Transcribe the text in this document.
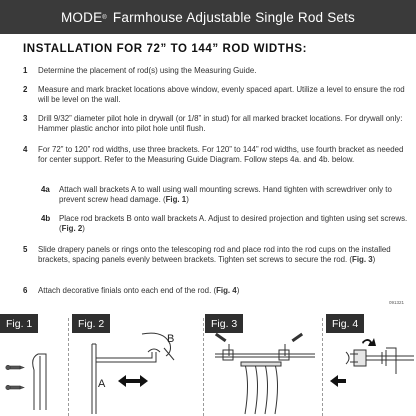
MODE® Farmhouse Adjustable Single Rod Sets
INSTALLATION FOR 72” TO 144” ROD WIDTHS:
1 Determine the placement of rod(s) using the Measuring Guide.
2 Measure and mark bracket locations above window, evenly spaced apart. Utilize a level to ensure the rod will be level on the wall.
3 Drill 9/32” diameter pilot hole in drywall (or 1/8” in stud) for all marked bracket locations. For drywall only: Hammer plastic anchor into pilot hole until flush.
4 For 72” to 120” rod widths, use three brackets. For 120” to 144” rod widths, use fourth bracket as needed for center support. Refer to the Measuring Guide Diagram. Follow steps 4a. and 4b. below.
4a Attach wall brackets A to wall using wall mounting screws. Hand tighten with screwdriver only to prevent screw head damage. (Fig. 1)
4b Place rod brackets B onto wall brackets A. Adjust to desired projection and tighten using set screws. (Fig. 2)
5 Slide drapery panels or rings onto the telescoping rod and place rod into the rod cups on the installed brackets, spacing panels evenly between brackets. Tighten set screws to secure the rod. (Fig. 3)
6 Attach decorative finials onto each end of the rod. (Fig. 4)
091321
Fig. 1	Fig. 2
B
A
Fig. 3	Fig. 4
